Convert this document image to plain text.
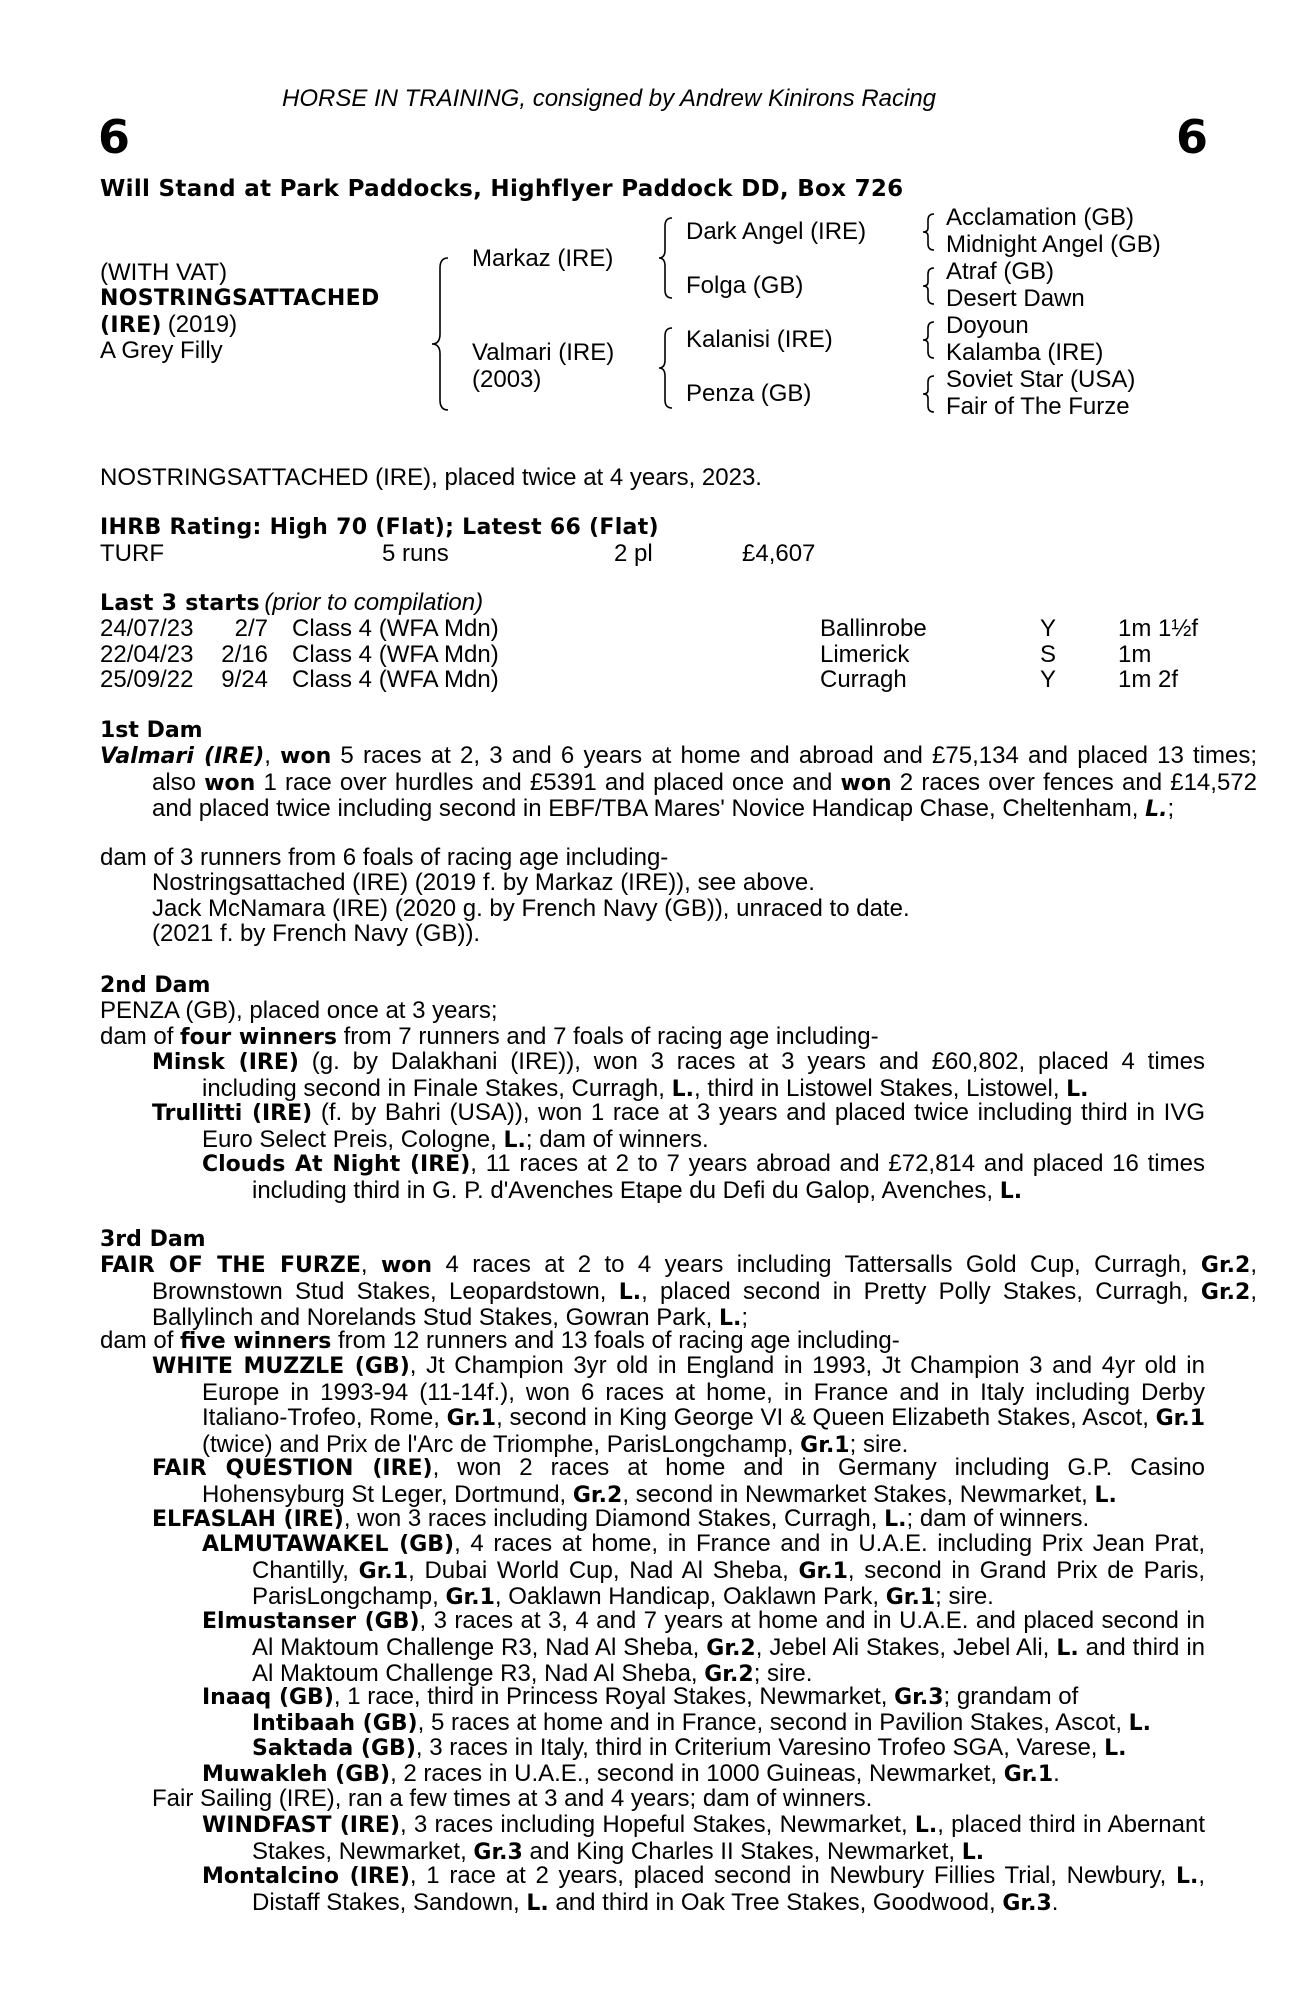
HORSE IN TRAINING, consigned by Andrew Kinirons Racing
6	6
Will Stand at Park Paddocks, Highflyer Paddock DD, Box 726
(WITH VAT)
NOSTRINGSATTACHED
(IRE) (2019)
A Grey Filly
Markaz (IRE)
Valmari (IRE)
(2003)
Dark Angel (IRE)
Folga (GB)
Kalanisi (IRE)
Penza (GB)
Acclamation (GB)
Midnight Angel (GB)
Atraf (GB)
Desert Dawn
Doyoun
Kalamba (IRE)
Soviet Star (USA)
Fair of The Furze
NOSTRINGSATTACHED (IRE), placed twice at 4 years, 2023.
IHRB Rating: High 70 (Flat); Latest 66 (Flat)
TURF	5 runs	2 pl	£4,607
Last 3 starts (prior to compilation)
24/07/23	2/7 Class 4 (WFA Mdn)	Ballinrobe	Y	1m 1½f
22/04/23 2/16 Class 4 (WFA Mdn)	Limerick	S	1m
25/09/22 9/24 Class 4 (WFA Mdn)	Curragh	Y	1m 2f
1st Dam
Valmari (IRE), won 5 races at 2, 3 and 6 years at home and abroad and £75,134 and placed 13 times; also won 1 race over hurdles and £5391 and placed once and won 2 races over fences and £14,572 and placed twice including second in EBF/TBA Mares' Novice Handicap Chase, Cheltenham, L.;
dam of 3 runners from 6 foals of racing age including-
Nostringsattached (IRE) (2019 f. by Markaz (IRE)), see above.
Jack McNamara (IRE) (2020 g. by French Navy (GB)), unraced to date.
(2021 f. by French Navy (GB)).
2nd Dam
PENZA (GB), placed once at 3 years;
dam of four winners from 7 runners and 7 foals of racing age including-
Minsk (IRE) (g. by Dalakhani (IRE)), won 3 races at 3 years and £60,802, placed 4 times including second in Finale Stakes, Curragh, L., third in Listowel Stakes, Listowel, L.
Trullitti (IRE) (f. by Bahri (USA)), won 1 race at 3 years and placed twice including third in IVG Euro Select Preis, Cologne, L.; dam of winners.
Clouds At Night (IRE), 11 races at 2 to 7 years abroad and £72,814 and placed 16 times including third in G. P. d'Avenches Etape du Defi du Galop, Avenches, L.
3rd Dam
FAIR OF THE FURZE, won 4 races at 2 to 4 years including Tattersalls Gold Cup, Curragh, Gr.2, Brownstown Stud Stakes, Leopardstown, L., placed second in Pretty Polly Stakes, Curragh, Gr.2, Ballylinch and Norelands Stud Stakes, Gowran Park, L.;
dam of five winners from 12 runners and 13 foals of racing age including-
WHITE MUZZLE (GB), Jt Champion 3yr old in England in 1993, Jt Champion 3 and 4yr old in Europe in 1993-94 (11-14f.), won 6 races at home, in France and in Italy including Derby Italiano-Trofeo, Rome, Gr.1, second in King George VI & Queen Elizabeth Stakes, Ascot, Gr.1 (twice) and Prix de l'Arc de Triomphe, ParisLongchamp, Gr.1; sire.
FAIR QUESTION (IRE), won 2 races at home and in Germany including G.P. Casino Hohensyburg St Leger, Dortmund, Gr.2, second in Newmarket Stakes, Newmarket, L.
ELFASLAH (IRE), won 3 races including Diamond Stakes, Curragh, L.; dam of winners.
ALMUTAWAKEL (GB), 4 races at home, in France and in U.A.E. including Prix Jean Prat, Chantilly, Gr.1, Dubai World Cup, Nad Al Sheba, Gr.1, second in Grand Prix de Paris, ParisLongchamp, Gr.1, Oaklawn Handicap, Oaklawn Park, Gr.1; sire.
Elmustanser (GB), 3 races at 3, 4 and 7 years at home and in U.A.E. and placed second in Al Maktoum Challenge R3, Nad Al Sheba, Gr.2, Jebel Ali Stakes, Jebel Ali, L. and third in Al Maktoum Challenge R3, Nad Al Sheba, Gr.2; sire.
Inaaq (GB), 1 race, third in Princess Royal Stakes, Newmarket, Gr.3; grandam of
Intibaah (GB), 5 races at home and in France, second in Pavilion Stakes, Ascot, L.
Saktada (GB), 3 races in Italy, third in Criterium Varesino Trofeo SGA, Varese, L.
Muwakleh (GB), 2 races in U.A.E., second in 1000 Guineas, Newmarket, Gr.1.
Fair Sailing (IRE), ran a few times at 3 and 4 years; dam of winners.
WINDFAST (IRE), 3 races including Hopeful Stakes, Newmarket, L., placed third in Abernant Stakes, Newmarket, Gr.3 and King Charles II Stakes, Newmarket, L.
Montalcino (IRE), 1 race at 2 years, placed second in Newbury Fillies Trial, Newbury, L., Distaff Stakes, Sandown, L. and third in Oak Tree Stakes, Goodwood, Gr.3.
